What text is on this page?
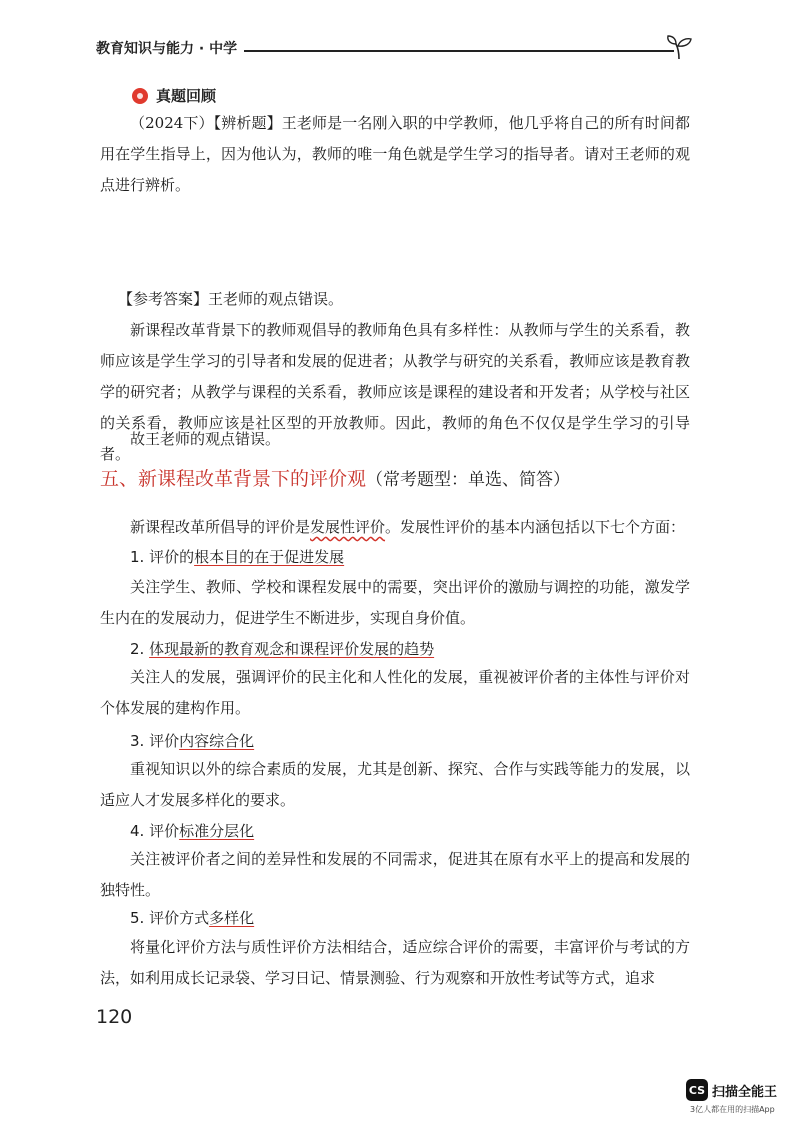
教育知识与能力 · 中学
真题回顾
（2024下）【辨析题】王老师是一名刚入职的中学教师，他几乎将自己的所有时间都用在学生指导上，因为他认为，教师的唯一角色就是学生学习的指导者。请对王老师的观点进行辨析。
【参考答案】王老师的观点错误。
新课程改革背景下的教师观倡导的教师角色具有多样性：从教师与学生的关系看，教师应该是学生学习的引导者和发展的促进者；从教学与研究的关系看，教师应该是教育教学的研究者；从教学与课程的关系看，教师应该是课程的建设者和开发者；从学校与社区的关系看，教师应该是社区型的开放教师。因此，教师的角色不仅仅是学生学习的引导者。
故王老师的观点错误。
五、新课程改革背景下的评价观（常考题型：单选、简答）
新课程改革所倡导的评价是发展性评价。发展性评价的基本内涵包括以下七个方面：
1. 评价的根本目的在于促进发展
关注学生、教师、学校和课程发展中的需要，突出评价的激励与调控的功能，激发学生内在的发展动力，促进学生不断进步，实现自身价值。
2. 体现最新的教育观念和课程评价发展的趋势
关注人的发展，强调评价的民主化和人性化的发展，重视被评价者的主体性与评价对个体发展的建构作用。
3. 评价内容综合化
重视知识以外的综合素质的发展，尤其是创新、探究、合作与实践等能力的发展，以适应人才发展多样化的要求。
4. 评价标准分层化
关注被评价者之间的差异性和发展的不同需求，促进其在原有水平上的提高和发展的独特性。
5. 评价方式多样化
将量化评价方法与质性评价方法相结合，适应综合评价的需要，丰富评价与考试的方法，如利用成长记录袋、学习日记、情景测验、行为观察和开放性考试等方式，追求
120
CS 扫描全能王
3亿人都在用的扫描App
